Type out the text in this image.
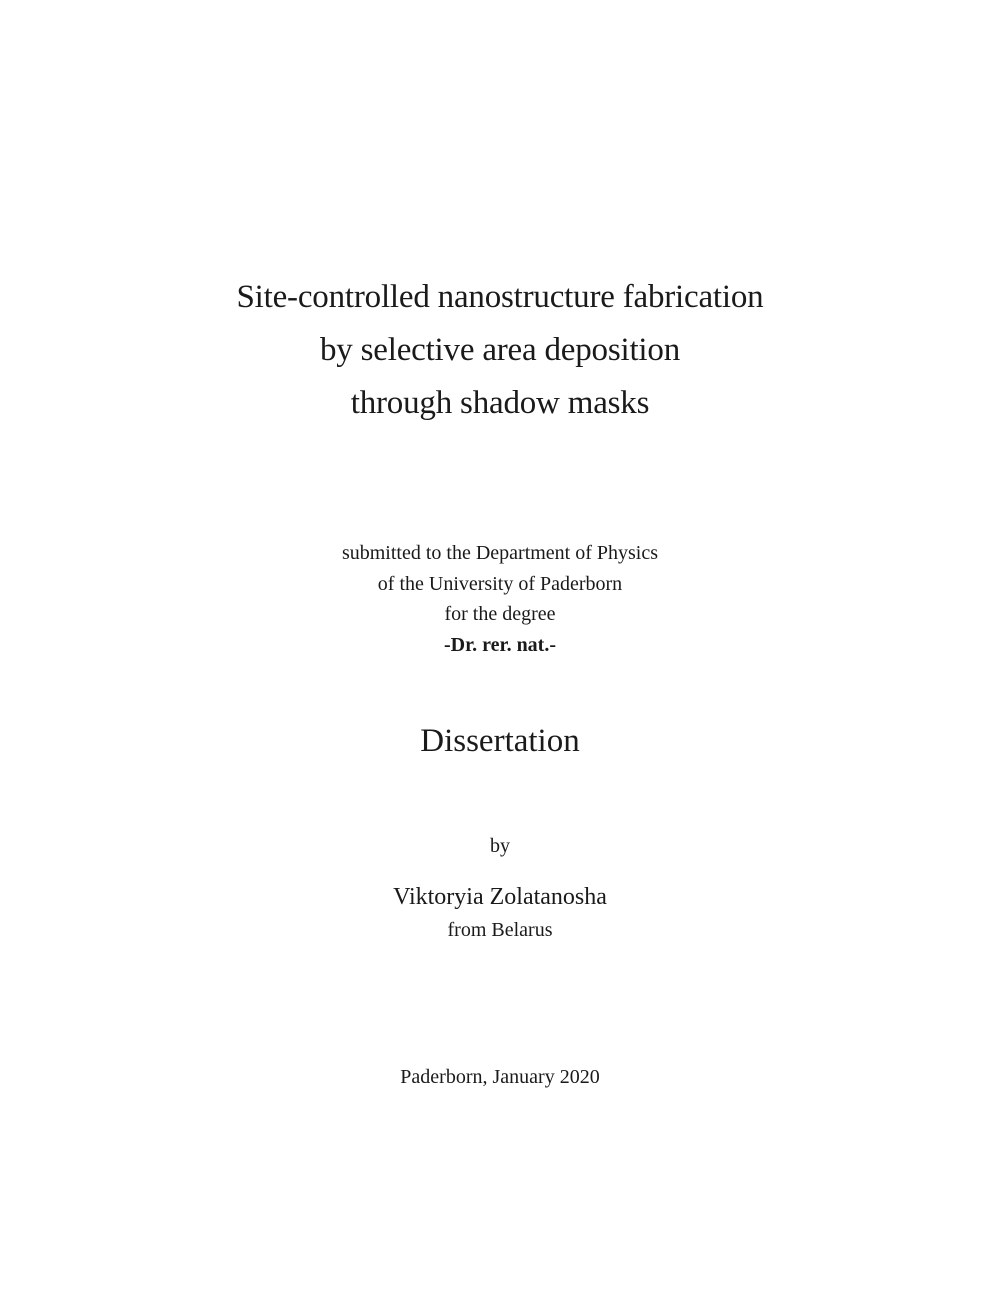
Site-controlled nanostructure fabrication
by selective area deposition
through shadow masks
submitted to the Department of Physics
of the University of Paderborn
for the degree
-Dr. rer. nat.-
Dissertation
by
Viktoryia Zolatanosha
from Belarus
Paderborn, January 2020
